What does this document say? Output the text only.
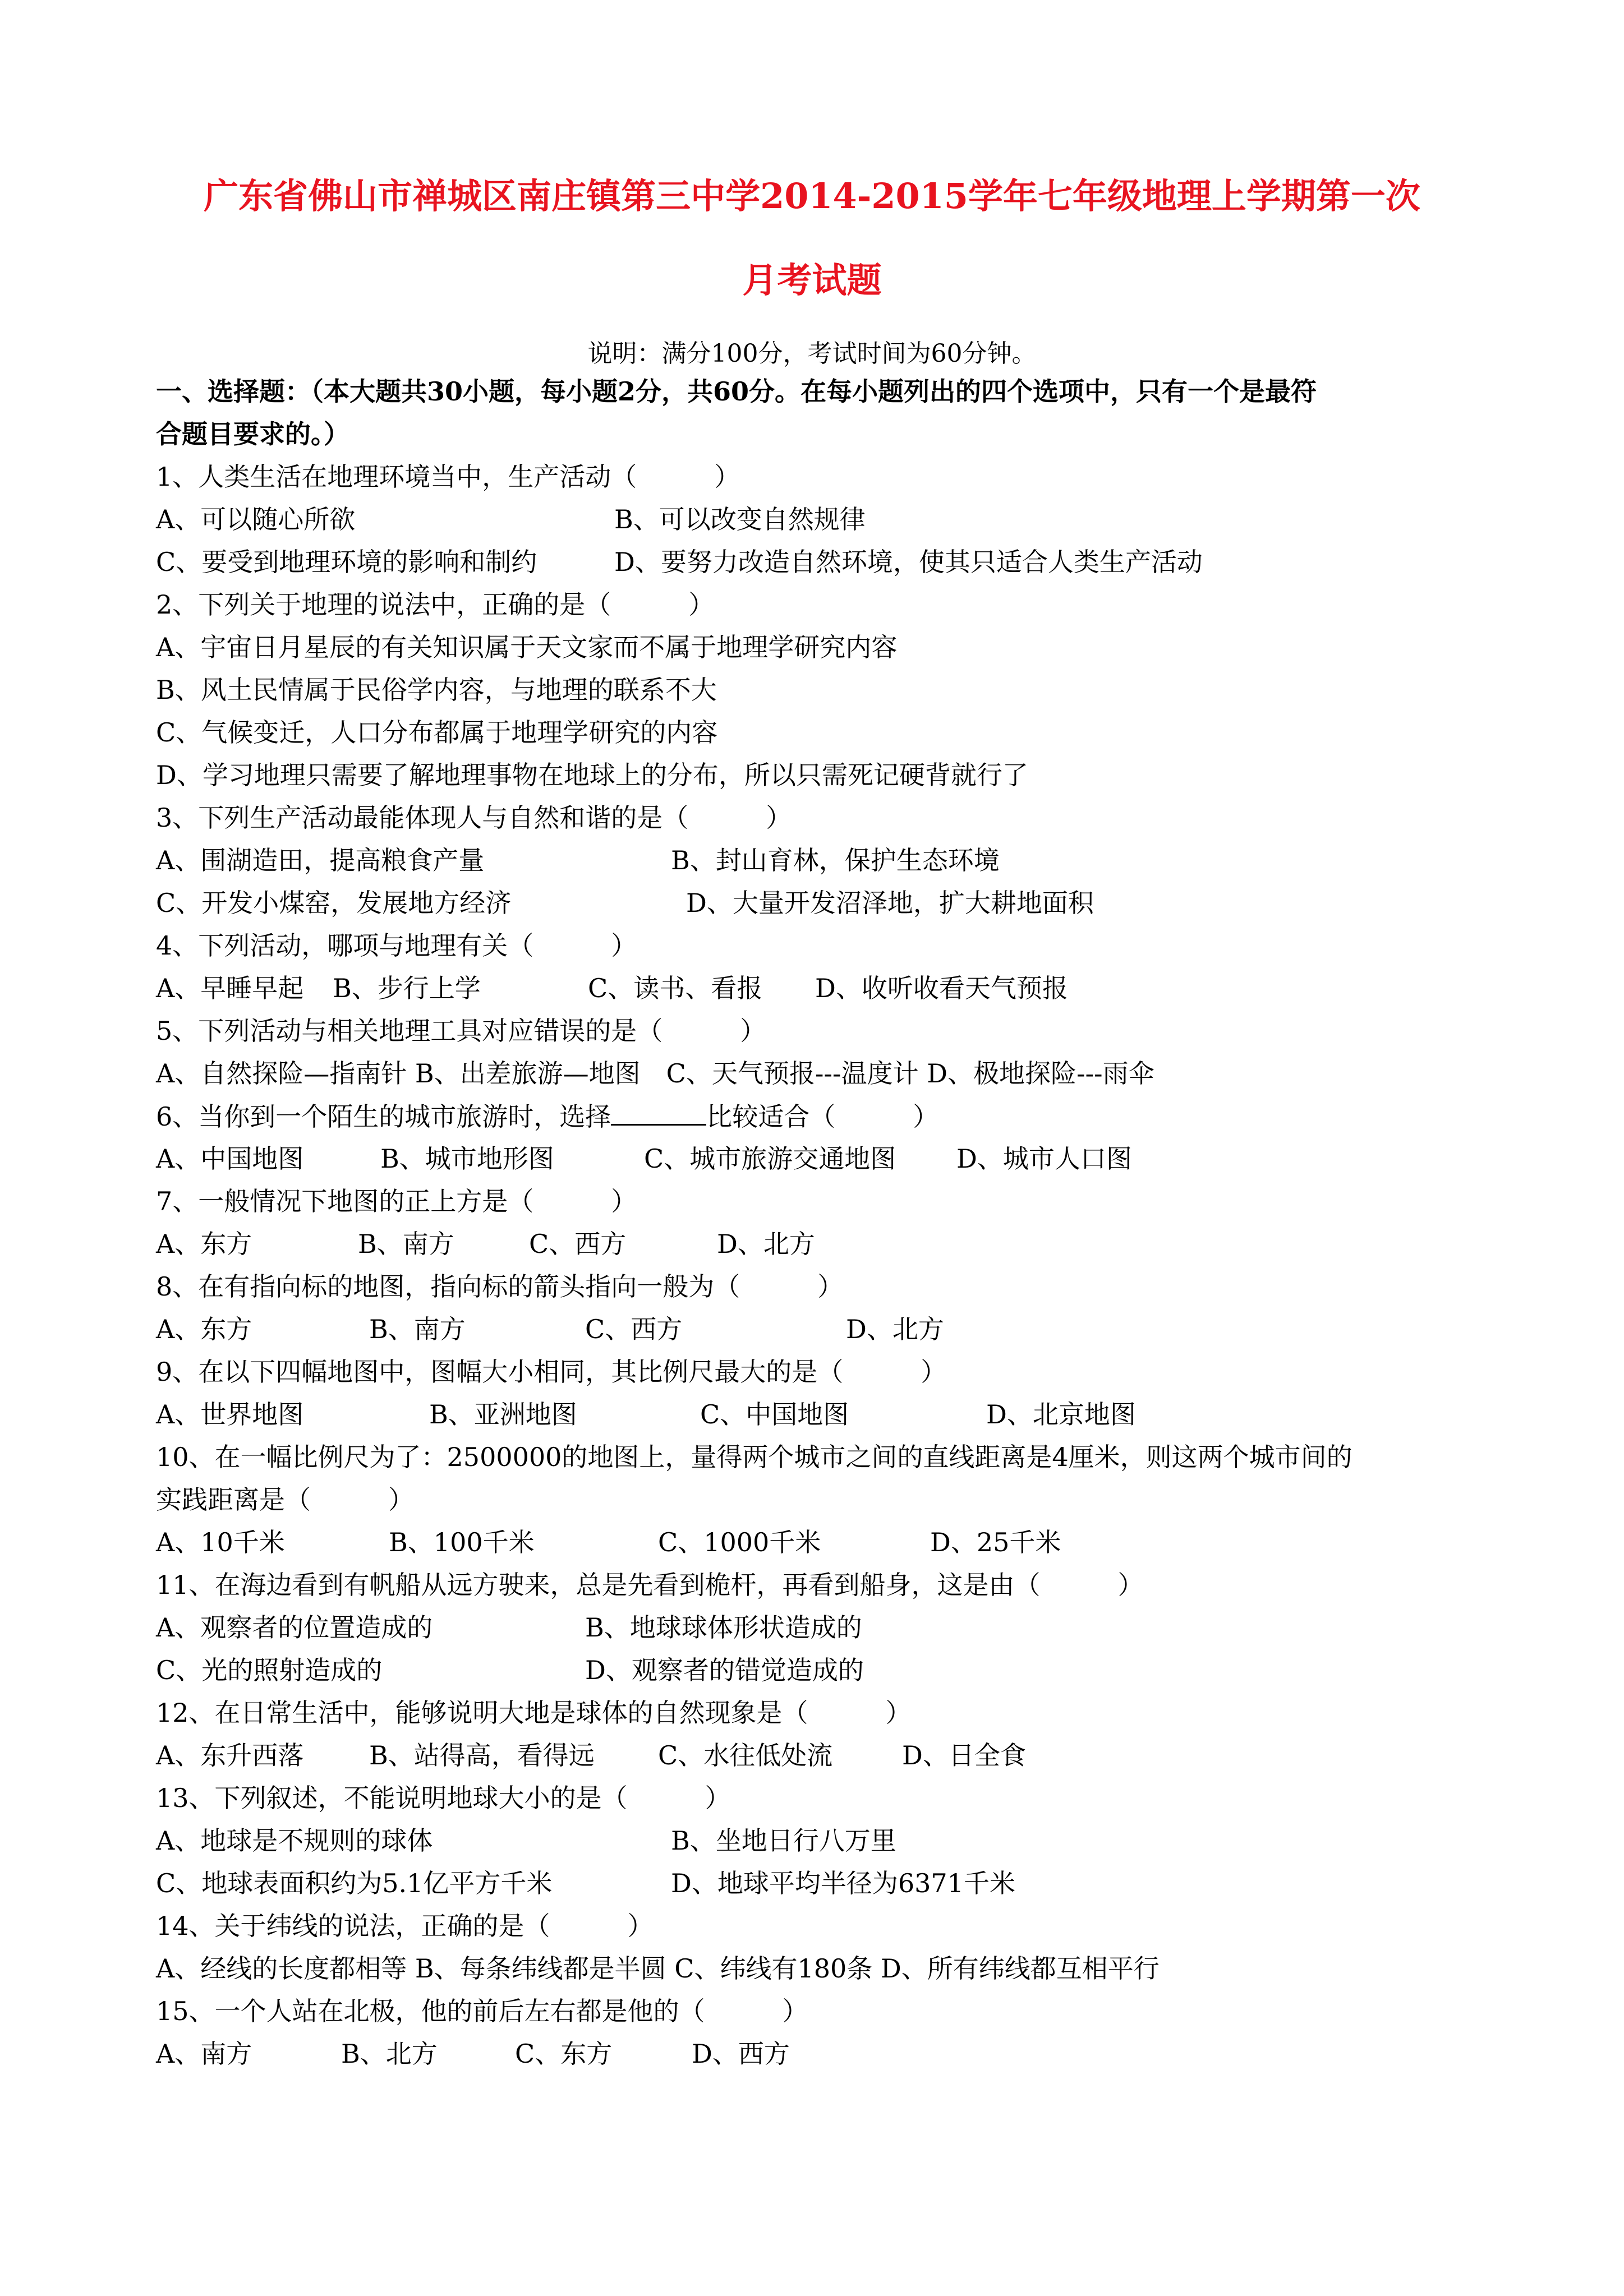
广东省佛山市禅城区南庄镇第三中学2014-2015学年七年级地理上学期第一次
月考试题
说明：满分100分，考试时间为60分钟。
一、选择题：（本大题共30小题，每小题2分，共60分。在每小题列出的四个选项中，只有一个是最符
合题目要求的。）
1、人类生活在地理环境当中，生产活动（　　　）
A、可以随心所欲	B、可以改变自然规律
C、要受到地理环境的影响和制约	D、要努力改造自然环境，使其只适合人类生产活动
2、下列关于地理的说法中，正确的是（　　　）
A、宇宙日月星辰的有关知识属于天文家而不属于地理学研究内容
B、风土民情属于民俗学内容，与地理的联系不大
C、气候变迁，人口分布都属于地理学研究的内容
D、学习地理只需要了解地理事物在地球上的分布，所以只需死记硬背就行了
3、下列生产活动最能体现人与自然和谐的是（　　　）
A、围湖造田，提高粮食产量	B、封山育林，保护生态环境
C、开发小煤窑，发展地方经济	D、大量开发沼泽地，扩大耕地面积
4、下列活动，哪项与地理有关（　　　）
A、早睡早起 B、步行上学	C、读书、看报 D、收听收看天气预报
5、下列活动与相关地理工具对应错误的是（　　　）
A、自然探险—指南针 B、出差旅游—地图　C、天气预报---温度计 D、极地探险---雨伞
6、当你到一个陌生的城市旅游时，选择	比较适合（　　　）
A、中国地图	B、城市地形图	C、城市旅游交通地图 D、城市人口图
7、一般情况下地图的正上方是（　　　）
A、东方	B、南方	C、西方	D、北方
8、在有指向标的地图，指向标的箭头指向一般为（　　　）
A、东方	B、南方	C、西方	D、北方
9、在以下四幅地图中，图幅大小相同，其比例尺最大的是（　　　）
A、世界地图	B、亚洲地图	C、中国地图	D、北京地图
10、在一幅比例尺为了：2500000的地图上，量得两个城市之间的直线距离是4厘米，则这两个城市间的
实践距离是（　　　）
A、10千米	B、100千米	C、1000千米	D、25千米
11、在海边看到有帆船从远方驶来，总是先看到桅杆，再看到船身，这是由（　　　）
A、观察者的位置造成的	B、地球球体形状造成的
C、光的照射造成的	D、观察者的错觉造成的
12、在日常生活中，能够说明大地是球体的自然现象是（　　　）
A、东升西落	B、站得高，看得远 C、水往低处流	D、日全食
13、下列叙述，不能说明地球大小的是（　　　）
A、地球是不规则的球体	B、坐地日行八万里
C、地球表面积约为5.1亿平方千米	D、地球平均半径为6371千米
14、关于纬线的说法，正确的是（　　　）
A、经线的长度都相等 B、每条纬线都是半圆 C、纬线有180条 D、所有纬线都互相平行
15、一个人站在北极，他的前后左右都是他的（　　　）
A、南方	B、北方	C、东方	D、西方
